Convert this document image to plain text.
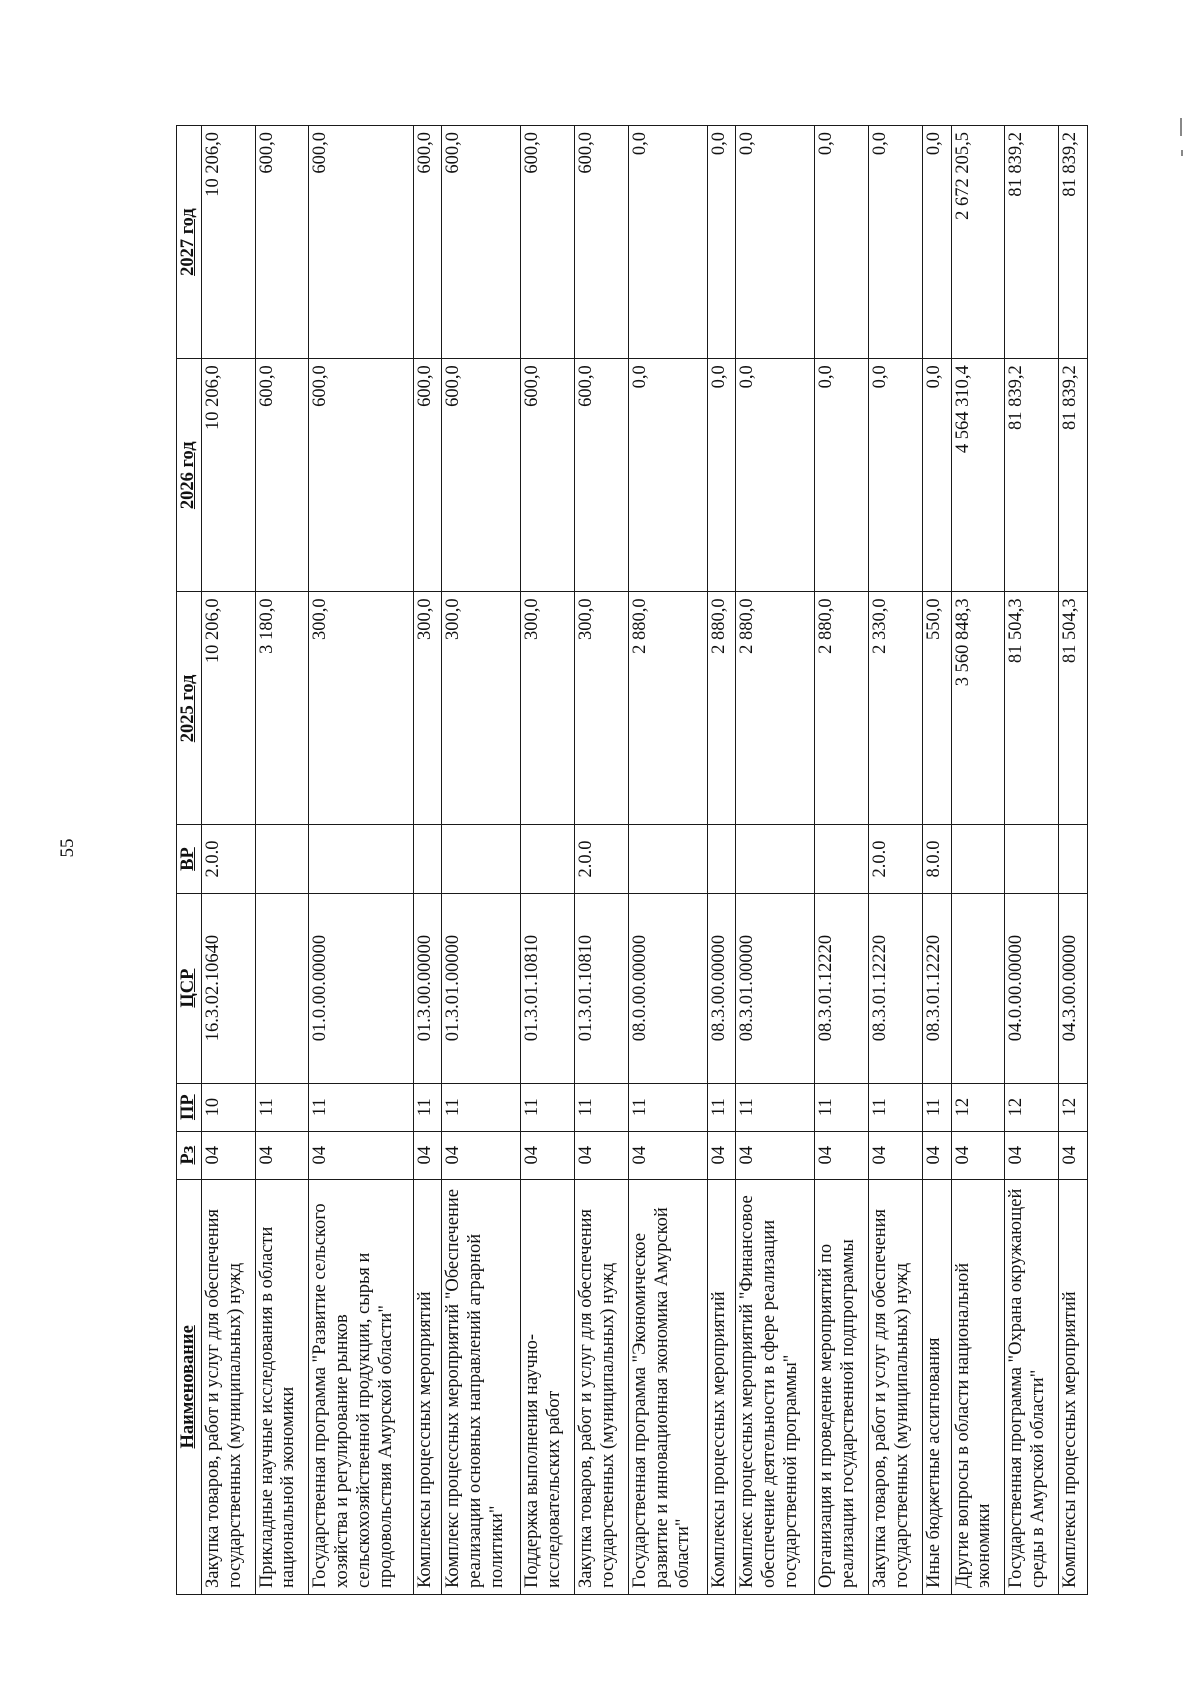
55
Наименование	Рз	ПР	ЦСР	ВР	2025 год	2026 год	2027 год
Закупка товаров, работ и услуг для обеспечения государственных (муниципальных) нужд	04	10	16.3.02.10640	2.0.0	10 206,0	10 206,0	10 206,0
Прикладные научные исследования в области национальной экономики	04	11			3 180,0	600,0	600,0
Государственная программа "Развитие сельского хозяйства и регулирование рынков сельскохозяйственной продукции, сырья и продовольствия Амурской области"	04	11	01.0.00.00000		300,0	600,0	600,0
Комплексы процессных мероприятий	04	11	01.3.00.00000		300,0	600,0	600,0
Комплекс процессных мероприятий "Обеспечение реализации основных направлений аграрной политики"	04	11	01.3.01.00000		300,0	600,0	600,0
Поддержка выполнения научно-исследовательских работ	04	11	01.3.01.10810		300,0	600,0	600,0
Закупка товаров, работ и услуг для обеспечения государственных (муниципальных) нужд	04	11	01.3.01.10810	2.0.0	300,0	600,0	600,0
Государственная программа "Экономическое развитие и инновационная экономика Амурской области"	04	11	08.0.00.00000		2 880,0	0,0	0,0
Комплексы процессных мероприятий	04	11	08.3.00.00000		2 880,0	0,0	0,0
Комплекс процессных мероприятий "Финансовое обеспечение деятельности в сфере реализации государственной программы"	04	11	08.3.01.00000		2 880,0	0,0	0,0
Организация и проведение мероприятий по реализации государственной подпрограммы	04	11	08.3.01.12220		2 880,0	0,0	0,0
Закупка товаров, работ и услуг для обеспечения государственных (муниципальных) нужд	04	11	08.3.01.12220	2.0.0	2 330,0	0,0	0,0
Иные бюджетные ассигнования	04	11	08.3.01.12220	8.0.0	550,0	0,0	0,0
Другие вопросы в области национальной экономики	04	12			3 560 848,3	4 564 310,4	2 672 205,5
Государственная программа "Охрана окружающей среды в Амурской области"	04	12	04.0.00.00000		81 504,3	81 839,2	81 839,2
Комплексы процессных мероприятий	04	12	04.3.00.00000		81 504,3	81 839,2	81 839,2
